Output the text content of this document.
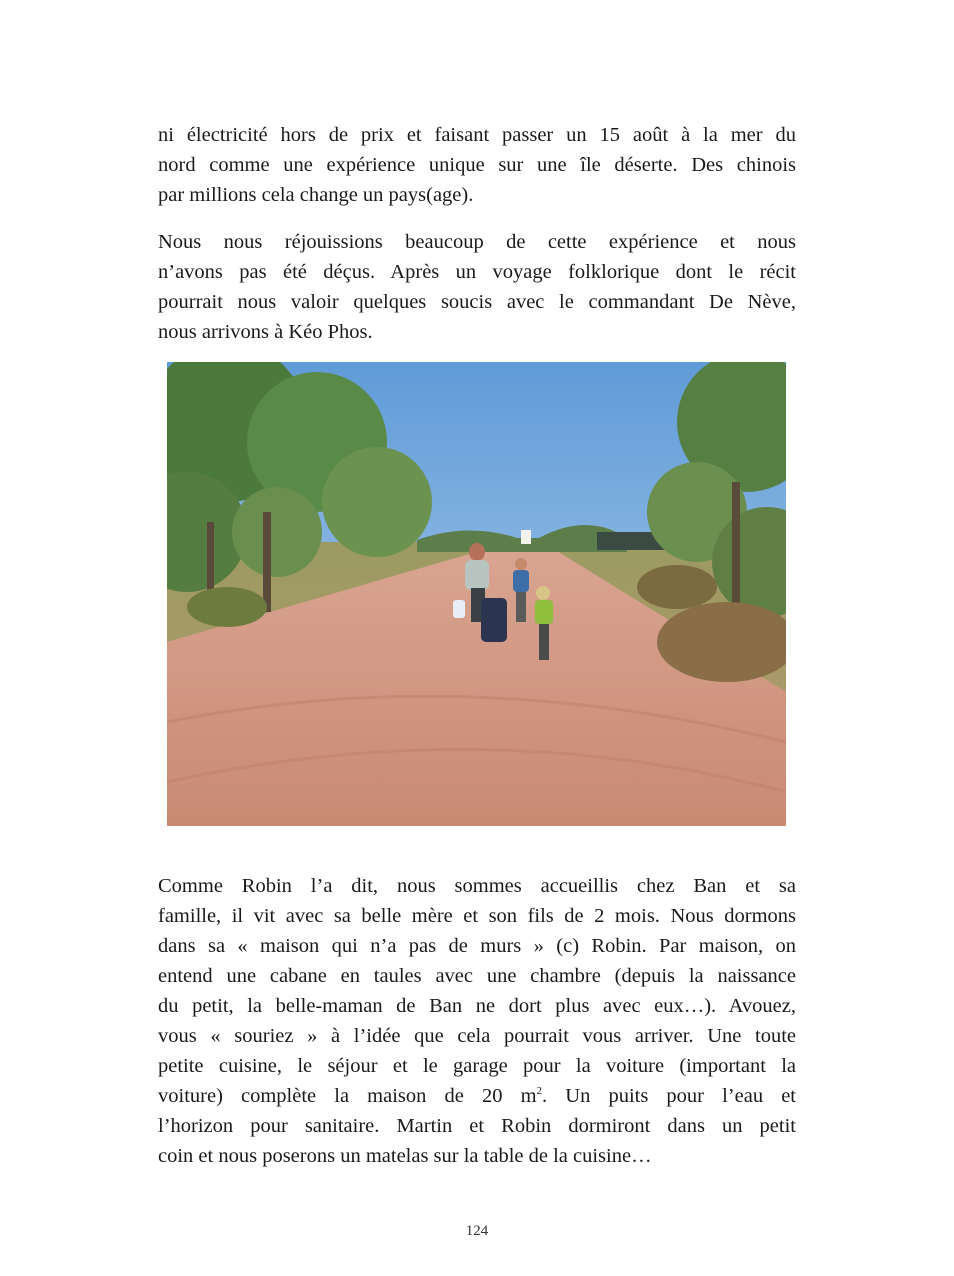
ni électricité hors de prix et faisant passer un 15 août à la mer du
nord comme une expérience unique sur une île déserte. Des chinois
par millions cela change un pays(age).

Nous nous réjouissions beaucoup de cette expérience et nous
n’avons pas été déçus. Après un voyage folklorique dont le récit
pourrait nous valoir quelques soucis avec le commandant De Nève,
nous arrivons à Kéo Phos.

Comme Robin l’a dit, nous sommes accueillis chez Ban et sa
famille, il vit avec sa belle mère et son fils de 2 mois. Nous dormons
dans sa « maison qui n’a pas de murs » (c) Robin. Par maison, on
entend une cabane en taules avec une chambre (depuis la naissance
du petit, la belle-maman de Ban ne dort plus avec eux…). Avouez,
vous « souriez » à l’idée que cela pourrait vous arriver. Une toute
petite cuisine, le séjour et le garage pour la voiture (important la
voiture) complète la maison de 20 $m^2$. Un puits pour l’eau et
l’horizon pour sanitaire. Martin et Robin dormiront dans un petit
coin et nous poserons un matelas sur la table de la cuisine…

124
